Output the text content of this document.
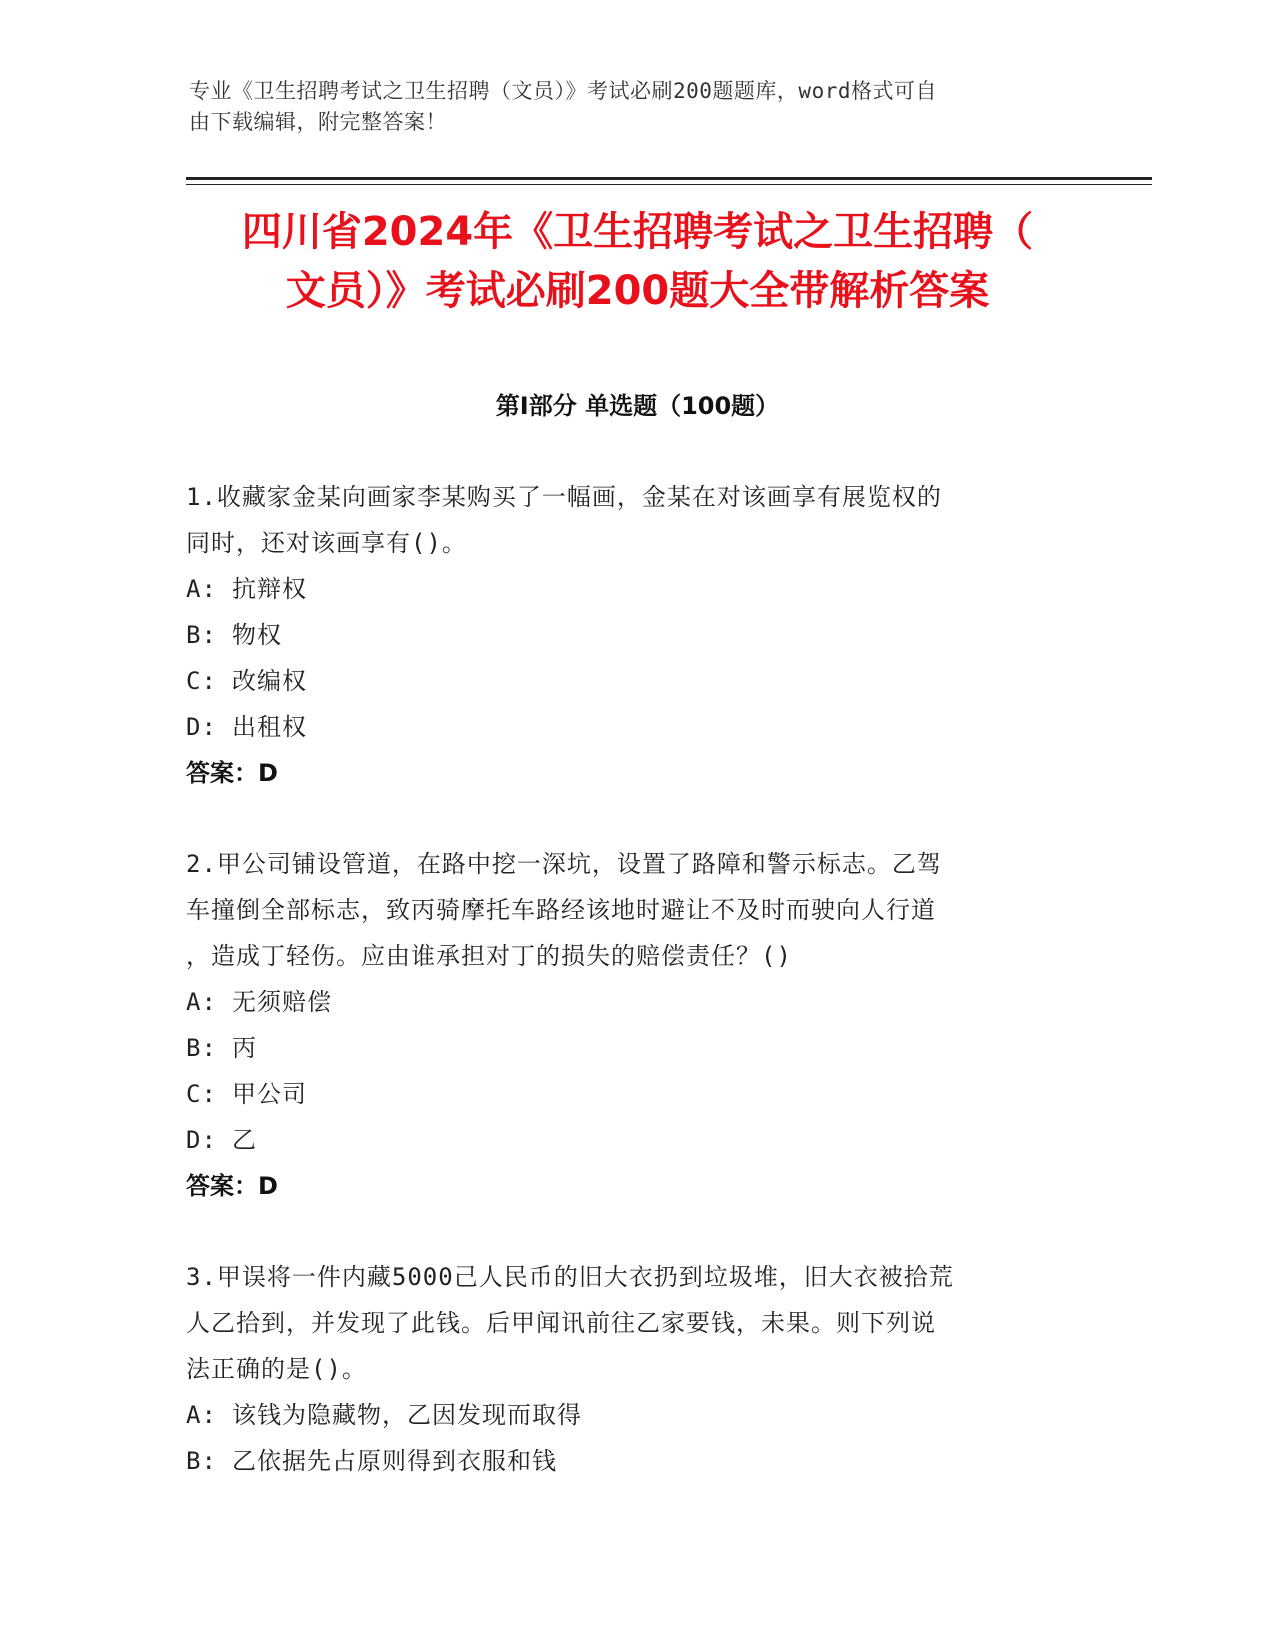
专业《卫生招聘考试之卫生招聘（文员）》考试必刷200题题库，word格式可自
由下载编辑，附完整答案！
四川省2024年《卫生招聘考试之卫生招聘（
文员）》考试必刷200题大全带解析答案
第Ⅰ部分 单选题（100题）
1.收藏家金某向画家李某购买了一幅画，金某在对该画享有展览权的
同时，还对该画享有()。
A: 抗辩权
B: 物权
C: 改编权
D: 出租权
答案：D
2.甲公司铺设管道，在路中挖一深坑，设置了路障和警示标志。乙驾
车撞倒全部标志，致丙骑摩托车路经该地时避让不及时而驶向人行道
，造成丁轻伤。应由谁承担对丁的损失的赔偿责任？()
A: 无须赔偿
B: 丙
C: 甲公司
D: 乙
答案：D
3.甲误将一件内藏5000己人民币的旧大衣扔到垃圾堆，旧大衣被拾荒
人乙拾到，并发现了此钱。后甲闻讯前往乙家要钱，未果。则下列说
法正确的是()。
A: 该钱为隐藏物，乙因发现而取得
B: 乙依据先占原则得到衣服和钱
